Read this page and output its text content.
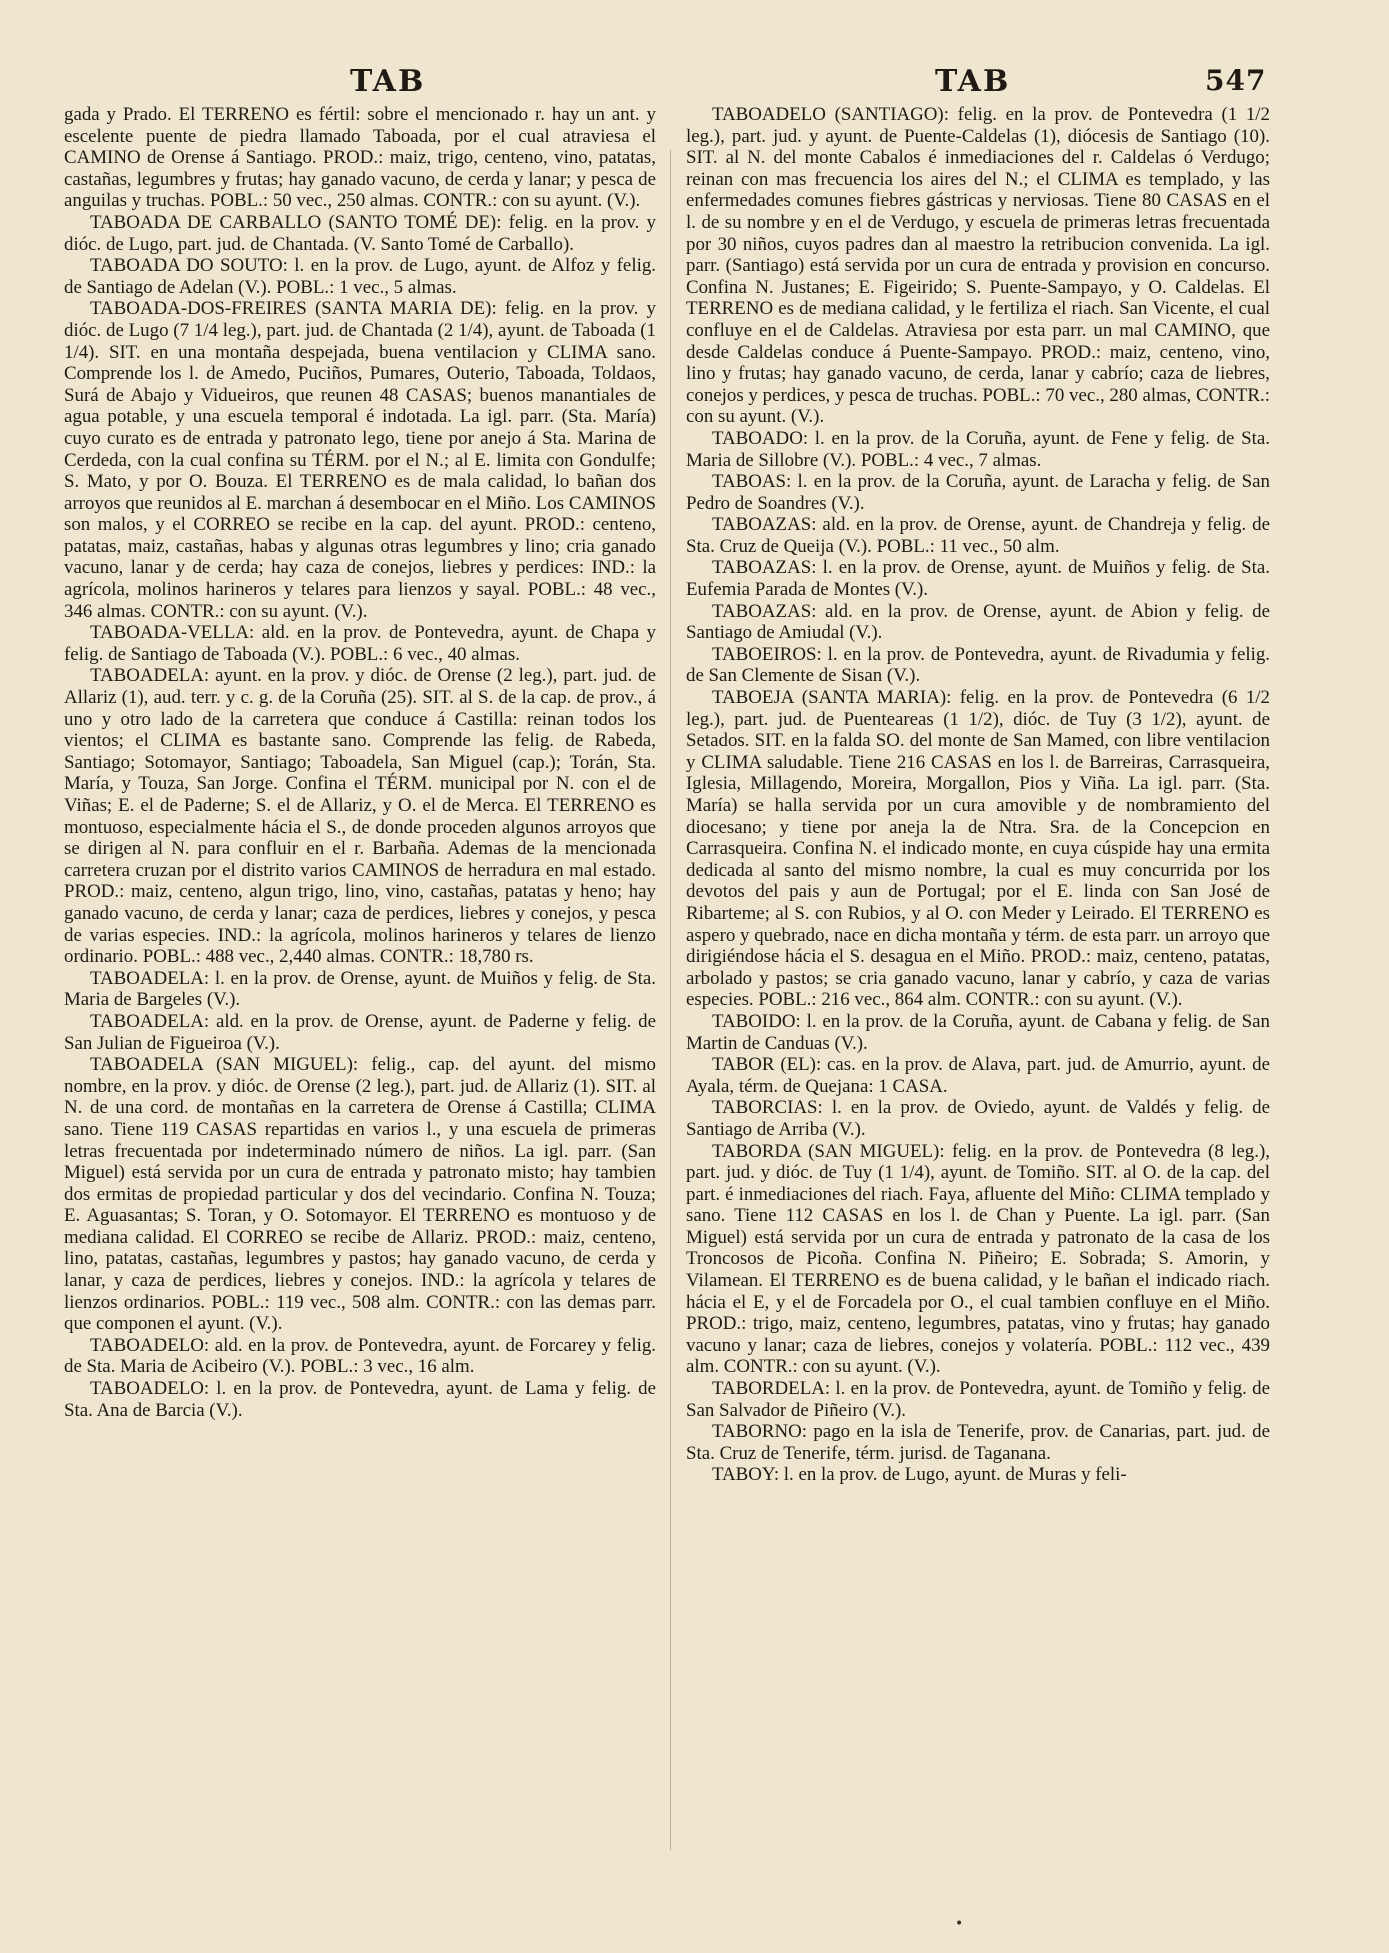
TAB	TAB	547

gada y Prado. El TERRENO es fértil: sobre el mencionado r. hay un ant. y escelente puente de piedra llamado Taboada, por el cual atraviesa el CAMINO de Orense á Santiago. PROD.: maiz, trigo, centeno, vino, patatas, castañas, legumbres y frutas; hay ganado vacuno, de cerda y lanar; y pesca de anguilas y truchas. POBL.: 50 vec., 250 almas. CONTR.: con su ayunt. (V.).

TABOADA DE CARBALLO (SANTO TOMÉ DE): felig. en la prov. y dióc. de Lugo, part. jud. de Chantada. (V. Santo Tomé de Carballo).

TABOADA DO SOUTO: l. en la prov. de Lugo, ayunt. de Alfoz y felig. de Santiago de Adelan (V.). POBL.: 1 vec., 5 almas.

TABOADA-DOS-FREIRES (SANTA MARIA DE): felig. en la prov. y dióc. de Lugo (7 1/4 leg.), part. jud. de Chantada (2 1/4), ayunt. de Taboada (1 1/4). SIT. en una montaña despejada, buena ventilacion y CLIMA sano. Comprende los l. de Amedo, Puciños, Pumares, Outerio, Taboada, Toldaos, Surá de Abajo y Vidueiros, que reunen 48 CASAS; buenos manantiales de agua potable, y una escuela temporal é indotada. La igl. parr. (Sta. María) cuyo curato es de entrada y patronato lego, tiene por anejo á Sta. Marina de Cerdeda, con la cual confina su TÉRM. por el N.; al E. limita con Gondulfe; S. Mato, y por O. Bouza. El TERRENO es de mala calidad, lo bañan dos arroyos que reunidos al E. marchan á desembocar en el Miño. Los CAMINOS son malos, y el CORREO se recibe en la cap. del ayunt. PROD.: centeno, patatas, maiz, castañas, habas y algunas otras legumbres y lino; cria ganado vacuno, lanar y de cerda; hay caza de conejos, liebres y perdices: IND.: la agrícola, molinos harineros y telares para lienzos y sayal. POBL.: 48 vec., 346 almas. CONTR.: con su ayunt. (V.).

TABOADA-VELLA: ald. en la prov. de Pontevedra, ayunt. de Chapa y felig. de Santiago de Taboada (V.). POBL.: 6 vec., 40 almas.

TABOADELA: ayunt. en la prov. y dióc. de Orense (2 leg.), part. jud. de Allariz (1), aud. terr. y c. g. de la Coruña (25). SIT. al S. de la cap. de prov., á uno y otro lado de la carretera que conduce á Castilla: reinan todos los vientos; el CLIMA es bastante sano. Comprende las felig. de Rabeda, Santiago; Sotomayor, Santiago; Taboadela, San Miguel (cap.); Torán, Sta. María, y Touza, San Jorge. Confina el TÉRM. municipal por N. con el de Viñas; E. el de Paderne; S. el de Allariz, y O. el de Merca. El TERRENO es montuoso, especialmente hácia el S., de donde proceden algunos arroyos que se dirigen al N. para confluir en el r. Barbaña. Ademas de la mencionada carretera cruzan por el distrito varios CAMINOS de herradura en mal estado. PROD.: maiz, centeno, algun trigo, lino, vino, castañas, patatas y heno; hay ganado vacuno, de cerda y lanar; caza de perdices, liebres y conejos, y pesca de varias especies. IND.: la agrícola, molinos harineros y telares de lienzo ordinario. POBL.: 488 vec., 2,440 almas. CONTR.: 18,780 rs.

TABOADELA: l. en la prov. de Orense, ayunt. de Muiños y felig. de Sta. Maria de Bargeles (V.).

TABOADELA: ald. en la prov. de Orense, ayunt. de Paderne y felig. de San Julian de Figueiroa (V.).

TABOADELA (SAN MIGUEL): felig., cap. del ayunt. del mismo nombre, en la prov. y dióc. de Orense (2 leg.), part. jud. de Allariz (1). SIT. al N. de una cord. de montañas en la carretera de Orense á Castilla; CLIMA sano. Tiene 119 CASAS repartidas en varios l., y una escuela de primeras letras frecuentada por indeterminado número de niños. La igl. parr. (San Miguel) está servida por un cura de entrada y patronato misto; hay tambien dos ermitas de propiedad particular y dos del vecindario. Confina N. Touza; E. Aguasantas; S. Toran, y O. Sotomayor. El TERRENO es montuoso y de mediana calidad. El CORREO se recibe de Allariz. PROD.: maiz, centeno, lino, patatas, castañas, legumbres y pastos; hay ganado vacuno, de cerda y lanar, y caza de perdices, liebres y conejos. IND.: la agrícola y telares de lienzos ordinarios. POBL.: 119 vec., 508 alm. CONTR.: con las demas parr. que componen el ayunt. (V.).

TABOADELO: ald. en la prov. de Pontevedra, ayunt. de Forcarey y felig. de Sta. Maria de Acibeiro (V.). POBL.: 3 vec., 16 alm.

TABOADELO: l. en la prov. de Pontevedra, ayunt. de Lama y felig. de Sta. Ana de Barcia (V.).

TABOADELO (SANTIAGO): felig. en la prov. de Pontevedra (1 1/2 leg.), part. jud. y ayunt. de Puente-Caldelas (1), diócesis de Santiago (10). SIT. al N. del monte Cabalos é inmediaciones del r. Caldelas ó Verdugo; reinan con mas frecuencia los aires del N.; el CLIMA es templado, y las enfermedades comunes fiebres gástricas y nerviosas. Tiene 80 CASAS en el l. de su nombre y en el de Verdugo, y escuela de primeras letras frecuentada por 30 niños, cuyos padres dan al maestro la retribucion convenida. La igl. parr. (Santiago) está servida por un cura de entrada y provision en concurso. Confina N. Justanes; E. Figeirido; S. Puente-Sampayo, y O. Caldelas. El TERRENO es de mediana calidad, y le fertiliza el riach. San Vicente, el cual confluye en el de Caldelas. Atraviesa por esta parr. un mal CAMINO, que desde Caldelas conduce á Puente-Sampayo. PROD.: maiz, centeno, vino, lino y frutas; hay ganado vacuno, de cerda, lanar y cabrío; caza de liebres, conejos y perdices, y pesca de truchas. POBL.: 70 vec., 280 almas, CONTR.: con su ayunt. (V.).

TABOADO: l. en la prov. de la Coruña, ayunt. de Fene y felig. de Sta. Maria de Sillobre (V.). POBL.: 4 vec., 7 almas.

TABOAS: l. en la prov. de la Coruña, ayunt. de Laracha y felig. de San Pedro de Soandres (V.).

TABOAZAS: ald. en la prov. de Orense, ayunt. de Chandreja y felig. de Sta. Cruz de Queija (V.). POBL.: 11 vec., 50 alm.

TABOAZAS: l. en la prov. de Orense, ayunt. de Muiños y felig. de Sta. Eufemia Parada de Montes (V.).

TABOAZAS: ald. en la prov. de Orense, ayunt. de Abion y felig. de Santiago de Amiudal (V.).

TABOEIROS: l. en la prov. de Pontevedra, ayunt. de Rivadumia y felig. de San Clemente de Sisan (V.).

TABOEJA (SANTA MARIA): felig. en la prov. de Pontevedra (6 1/2 leg.), part. jud. de Puenteareas (1 1/2), dióc. de Tuy (3 1/2), ayunt. de Setados. SIT. en la falda SO. del monte de San Mamed, con libre ventilacion y CLIMA saludable. Tiene 216 CASAS en los l. de Barreiras, Carrasqueira, Iglesia, Millagendo, Moreira, Morgallon, Pios y Viña. La igl. parr. (Sta. María) se halla servida por un cura amovible y de nombramiento del diocesano; y tiene por aneja la de Ntra. Sra. de la Concepcion en Carrasqueira. Confina N. el indicado monte, en cuya cúspide hay una ermita dedicada al santo del mismo nombre, la cual es muy concurrida por los devotos del pais y aun de Portugal; por el E. linda con San José de Ribarteme; al S. con Rubios, y al O. con Meder y Leirado. El TERRENO es aspero y quebrado, nace en dicha montaña y térm. de esta parr. un arroyo que dirigiéndose hácia el S. desagua en el Miño. PROD.: maiz, centeno, patatas, arbolado y pastos; se cria ganado vacuno, lanar y cabrío, y caza de varias especies. POBL.: 216 vec., 864 alm. CONTR.: con su ayunt. (V.).

TABOIDO: l. en la prov. de la Coruña, ayunt. de Cabana y felig. de San Martin de Canduas (V.).

TABOR (EL): cas. en la prov. de Alava, part. jud. de Amurrio, ayunt. de Ayala, térm. de Quejana: 1 CASA.

TABORCIAS: l. en la prov. de Oviedo, ayunt. de Valdés y felig. de Santiago de Arriba (V.).

TABORDA (SAN MIGUEL): felig. en la prov. de Pontevedra (8 leg.), part. jud. y dióc. de Tuy (1 1/4), ayunt. de Tomiño. SIT. al O. de la cap. del part. é inmediaciones del riach. Faya, afluente del Miño: CLIMA templado y sano. Tiene 112 CASAS en los l. de Chan y Puente. La igl. parr. (San Miguel) está servida por un cura de entrada y patronato de la casa de los Troncosos de Picoña. Confina N. Piñeiro; E. Sobrada; S. Amorin, y Vilamean. El TERRENO es de buena calidad, y le bañan el indicado riach. hácia el E, y el de Forcadela por O., el cual tambien confluye en el Miño. PROD.: trigo, maiz, centeno, legumbres, patatas, vino y frutas; hay ganado vacuno y lanar; caza de liebres, conejos y volatería. POBL.: 112 vec., 439 alm. CONTR.: con su ayunt. (V.).

TABORDELA: l. en la prov. de Pontevedra, ayunt. de Tomiño y felig. de San Salvador de Piñeiro (V.).

TABORNO: pago en la isla de Tenerife, prov. de Canarias, part. jud. de Sta. Cruz de Tenerife, térm. jurisd. de Taganana.

TABOY: l. en la prov. de Lugo, ayunt. de Muras y feli-

•
